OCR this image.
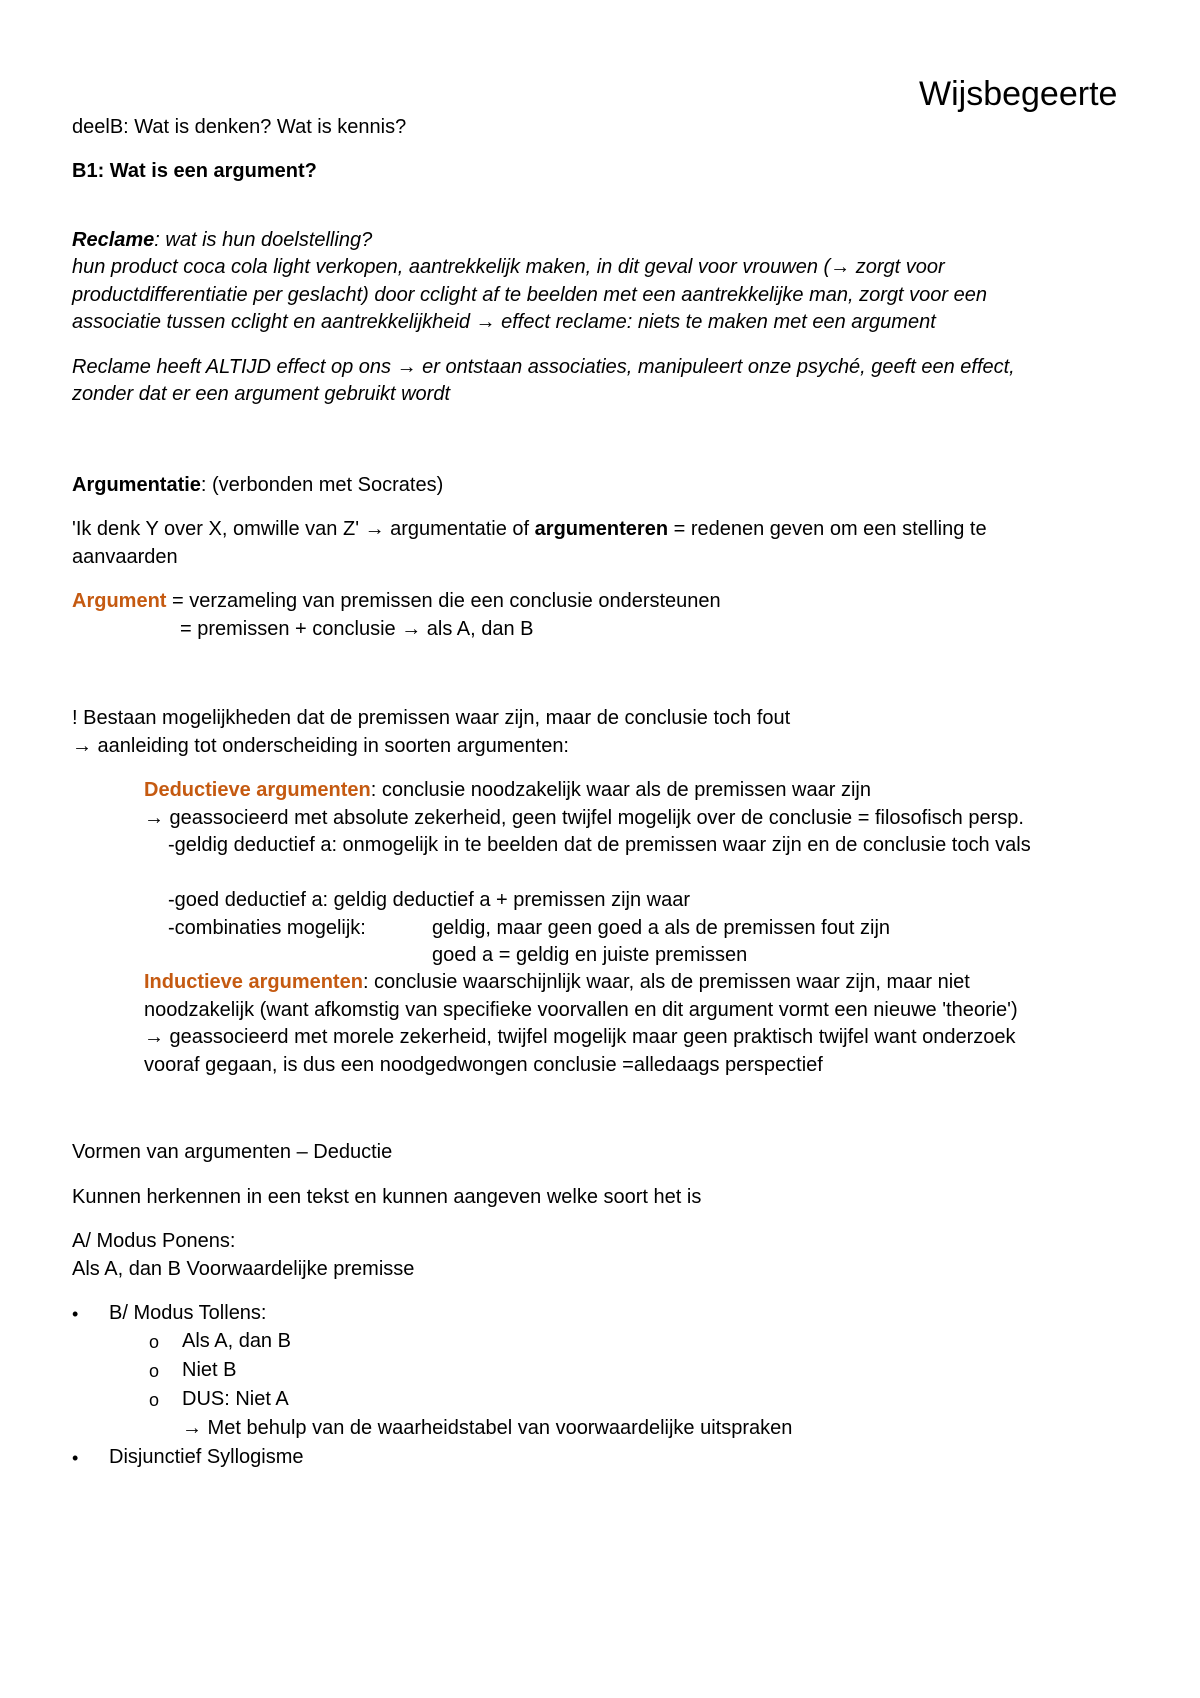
Wijsbegeerte
deelB: Wat is denken? Wat is kennis?
B1: Wat is een argument?
Reclame: wat is hun doelstelling?
hun product coca cola light verkopen, aantrekkelijk maken, in dit geval voor vrouwen (→ zorgt voor
productdifferentiatie per geslacht) door cclight af te beelden met een aantrekkelijke man, zorgt voor een
associatie tussen cclight en aantrekkelijkheid → effect reclame: niets te maken met een argument
Reclame heeft ALTIJD effect op ons → er ontstaan associaties, manipuleert onze psyché, geeft een effect,
zonder dat er een argument gebruikt wordt
Argumentatie: (verbonden met Socrates)
'Ik denk Y over X, omwille van Z' → argumentatie of argumenteren = redenen geven om een stelling te
aanvaarden
Argument = verzameling van premissen die een conclusie ondersteunen
= premissen + conclusie → als A, dan B
! Bestaan mogelijkheden dat de premissen waar zijn, maar de conclusie toch fout
→ aanleiding tot onderscheiding in soorten argumenten:
Deductieve argumenten: conclusie noodzakelijk waar als de premissen waar zijn
→ geassocieerd met absolute zekerheid, geen twijfel mogelijk over de conclusie = filosofisch persp.
-geldig deductief a: onmogelijk in te beelden dat de premissen waar zijn en de conclusie toch vals
-goed deductief a: geldig deductief a + premissen zijn waar
-combinaties mogelijk:	geldig, maar geen goed a als de premissen fout zijn
goed a = geldig en juiste premissen
Inductieve argumenten: conclusie waarschijnlijk waar, als de premissen waar zijn, maar niet
noodzakelijk (want afkomstig van specifieke voorvallen en dit argument vormt een nieuwe 'theorie')
→ geassocieerd met morele zekerheid, twijfel mogelijk maar geen praktisch twijfel want onderzoek
vooraf gegaan, is dus een noodgedwongen conclusie =alledaags perspectief
Vormen van argumenten – Deductie
Kunnen herkennen in een tekst en kunnen aangeven welke soort het is
A/ Modus Ponens:
Als A, dan B Voorwaardelijke premisse
• B/ Modus Tollens:
o Als A, dan B
o Niet B
o DUS: Niet A
→ Met behulp van de waarheidstabel van voorwaardelijke uitspraken
• Disjunctief Syllogisme
